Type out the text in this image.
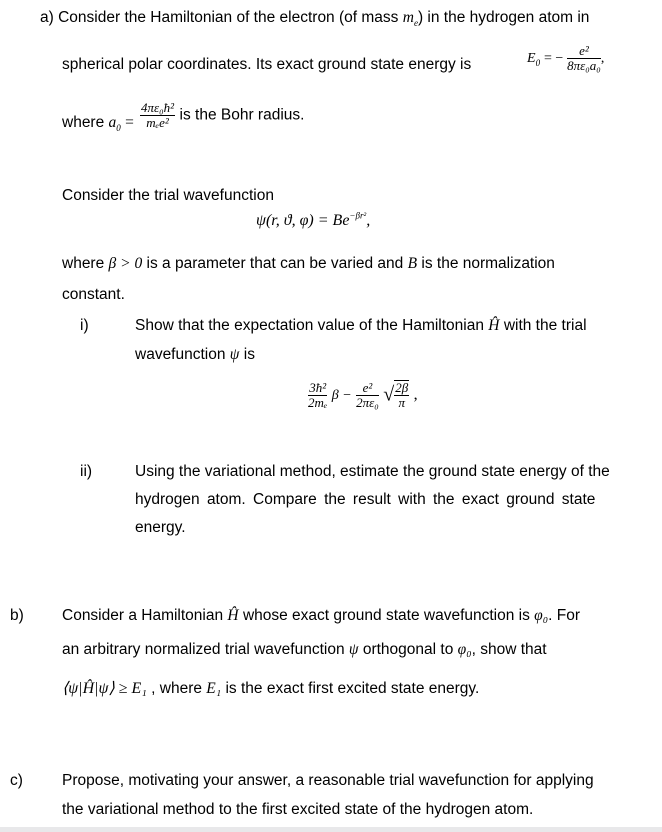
a) Consider the Hamiltonian of the electron (of mass $m_e$) in the hydrogen atom in
spherical polar coordinates. Its exact ground state energy is	$E_0$ = − $\frac{\text{e²}}{\text{8πε₀a₀}}$ ,
where $a_0 = \frac{\text{4πε₀ħ²}}{\text{mₑe²}}$ is the Bohr radius.
Consider the trial wavefunction
ψ(r, ϑ, $\varphi) = Be^{-\beta r^2}$,
where β > 0 is a parameter that can be varied and B is the normalization
constant.
i)	Show that the expectation value of the Hamiltonian Ĥ with the trial
wavefunction ψ is
$\frac{\text{3ħ²}}{\text{2mₑ}}$ $\beta - \frac{\text{e²}}{\text{2πε₀}}$ √ $\frac{2\beta}{\pi}$ ,
ii)	Using the variational method, estimate the ground state energy of the
hydrogen atom. Compare the result with the exact ground state
energy.
b) Consider a Hamiltonian Ĥ whose exact ground state wavefunction is φ₀. For
an arbitrary normalized trial wavefunction ψ orthogonal to φ₀, show that
⟨ψ|Ĥ|ψ⟩ ≥ E₁ , where E₁ is the exact first excited state energy.
c)	Propose, motivating your answer, a reasonable trial wavefunction for applying
the variational method to the first excited state of the hydrogen atom.
